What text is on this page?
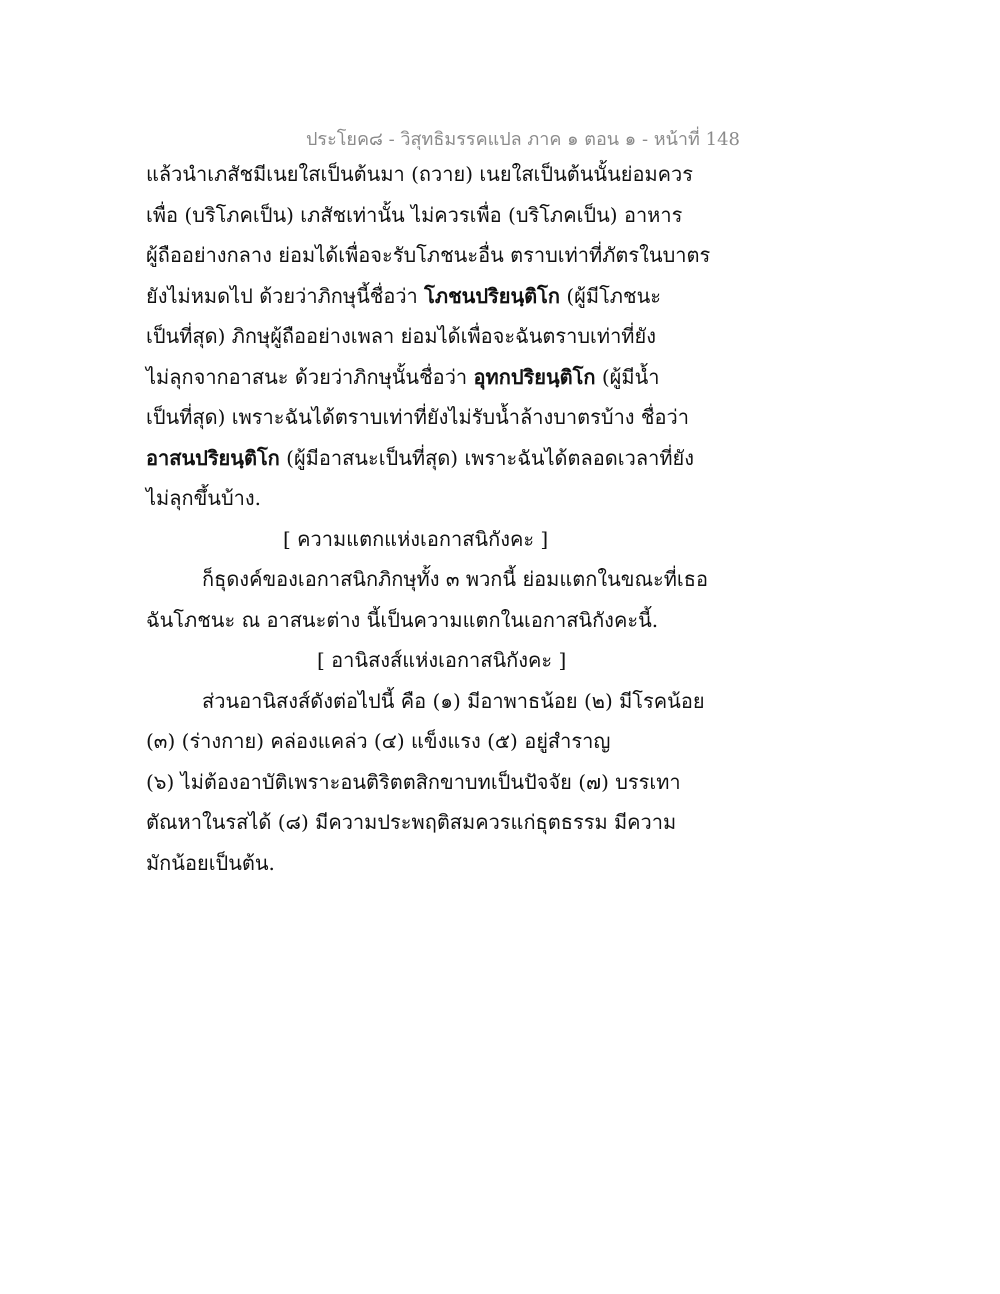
ประโยค๘ - วิสุทธิมรรคแปล ภาค ๑ ตอน ๑ - หน้าที่ 148
แล้วนำเภสัชมีเนยใสเป็นต้นมา (ถวาย) เนยใสเป็นต้นนั้นย่อมควร
เพื่อ (บริโภคเป็น) เภสัชเท่านั้น ไม่ควรเพื่อ (บริโภคเป็น) อาหาร
ผู้ถืออย่างกลาง ย่อมได้เพื่อจะรับโภชนะอื่น ตราบเท่าที่ภัตรในบาตร
ยังไม่หมดไป ด้วยว่าภิกษุนี้ชื่อว่า โภชนปริยนฺติโก (ผู้มีโภชนะ
เป็นที่สุด) ภิกษุผู้ถืออย่างเพลา ย่อมได้เพื่อจะฉันตราบเท่าที่ยัง
ไม่ลุกจากอาสนะ ด้วยว่าภิกษุนั้นชื่อว่า อุทกปริยนฺติโก (ผู้มีน้ำ
เป็นที่สุด) เพราะฉันได้ตราบเท่าที่ยังไม่รับน้ำล้างบาตรบ้าง ชื่อว่า
อาสนปริยนฺติโก (ผู้มีอาสนะเป็นที่สุด) เพราะฉันได้ตลอดเวลาที่ยัง
ไม่ลุกขึ้นบ้าง.
[ ความแตกแห่งเอกาสนิกังคะ ]
ก็ธุดงค์ของเอกาสนิกภิกษุทั้ง ๓ พวกนี้ ย่อมแตกในขณะที่เธอ
ฉันโภชนะ ณ อาสนะต่าง นี้เป็นความแตกในเอกาสนิกังคะนี้.
[ อานิสงส์แห่งเอกาสนิกังคะ ]
ส่วนอานิสงส์ดังต่อไปนี้ คือ (๑) มีอาพาธน้อย (๒) มีโรคน้อย
(๓) (ร่างกาย) คล่องแคล่ว (๔) แข็งแรง (๕) อยู่สำราญ
(๖) ไม่ต้องอาบัติเพราะอนติริตตสิกขาบทเป็นปัจจัย (๗) บรรเทา
ตัณหาในรสได้ (๘) มีความประพฤติสมควรแก่ธุตธรรม มีความ
มักน้อยเป็นต้น.
